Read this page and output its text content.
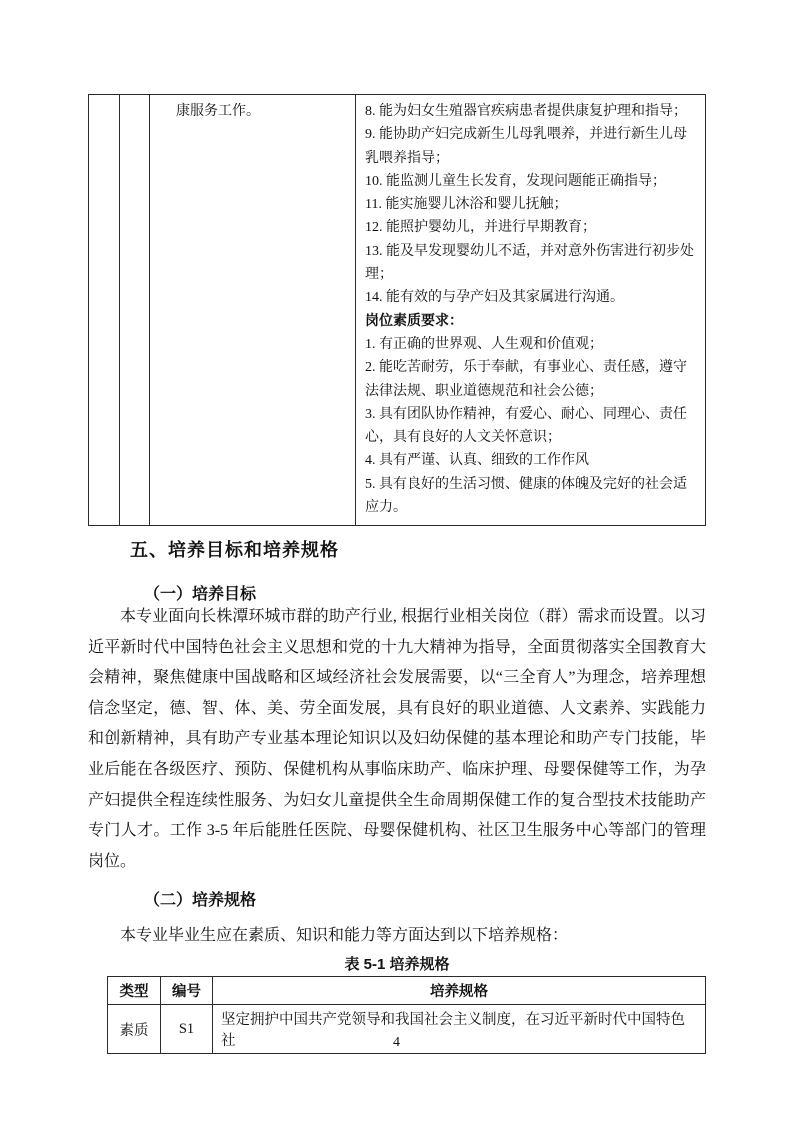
康服务工作。	8. 能为妇女生殖器官疾病患者提供康复护理和指导；
9. 能协助产妇完成新生儿母乳喂养，并进行新生儿母乳喂养指导；
10. 能监测儿童生长发育，发现问题能正确指导；
11. 能实施婴儿沐浴和婴儿抚触；
12. 能照护婴幼儿，并进行早期教育；
13. 能及早发现婴幼儿不适，并对意外伤害进行初步处理；
14. 能有效的与孕产妇及其家属进行沟通。
岗位素质要求：
1. 有正确的世界观、人生观和价值观；
2. 能吃苦耐劳，乐于奉献，有事业心、责任感，遵守法律法规、职业道德规范和社会公德；
3. 具有团队协作精神，有爱心、耐心、同理心、责任心，具有良好的人文关怀意识；
4. 具有严谨、认真、细致的工作作风
5. 具有良好的生活习惯、健康的体魄及完好的社会适应力。
五、培养目标和培养规格
（一）培养目标
本专业面向长株潭环城市群的助产行业, 根据行业相关岗位（群）需求而设置。以习近平新时代中国特色社会主义思想和党的十九大精神为指导，全面贯彻落实全国教育大会精神，聚焦健康中国战略和区域经济社会发展需要，以“三全育人”为理念，培养理想信念坚定，德、智、体、美、劳全面发展，具有良好的职业道德、人文素养、实践能力和创新精神，具有助产专业基本理论知识以及妇幼保健的基本理论和助产专门技能，毕业后能在各级医疗、预防、保健机构从事临床助产、临床护理、母婴保健等工作，为孕产妇提供全程连续性服务、为妇女儿童提供全生命周期保健工作的复合型技术技能助产专门人才。工作 3-5 年后能胜任医院、母婴保健机构、社区卫生服务中心等部门的管理岗位。
（二）培养规格
本专业毕业生应在素质、知识和能力等方面达到以下培养规格：
表 5-1 培养规格
类型	编号	培养规格
素质	S1	坚定拥护中国共产党领导和我国社会主义制度，在习近平新时代中国特色社	4
